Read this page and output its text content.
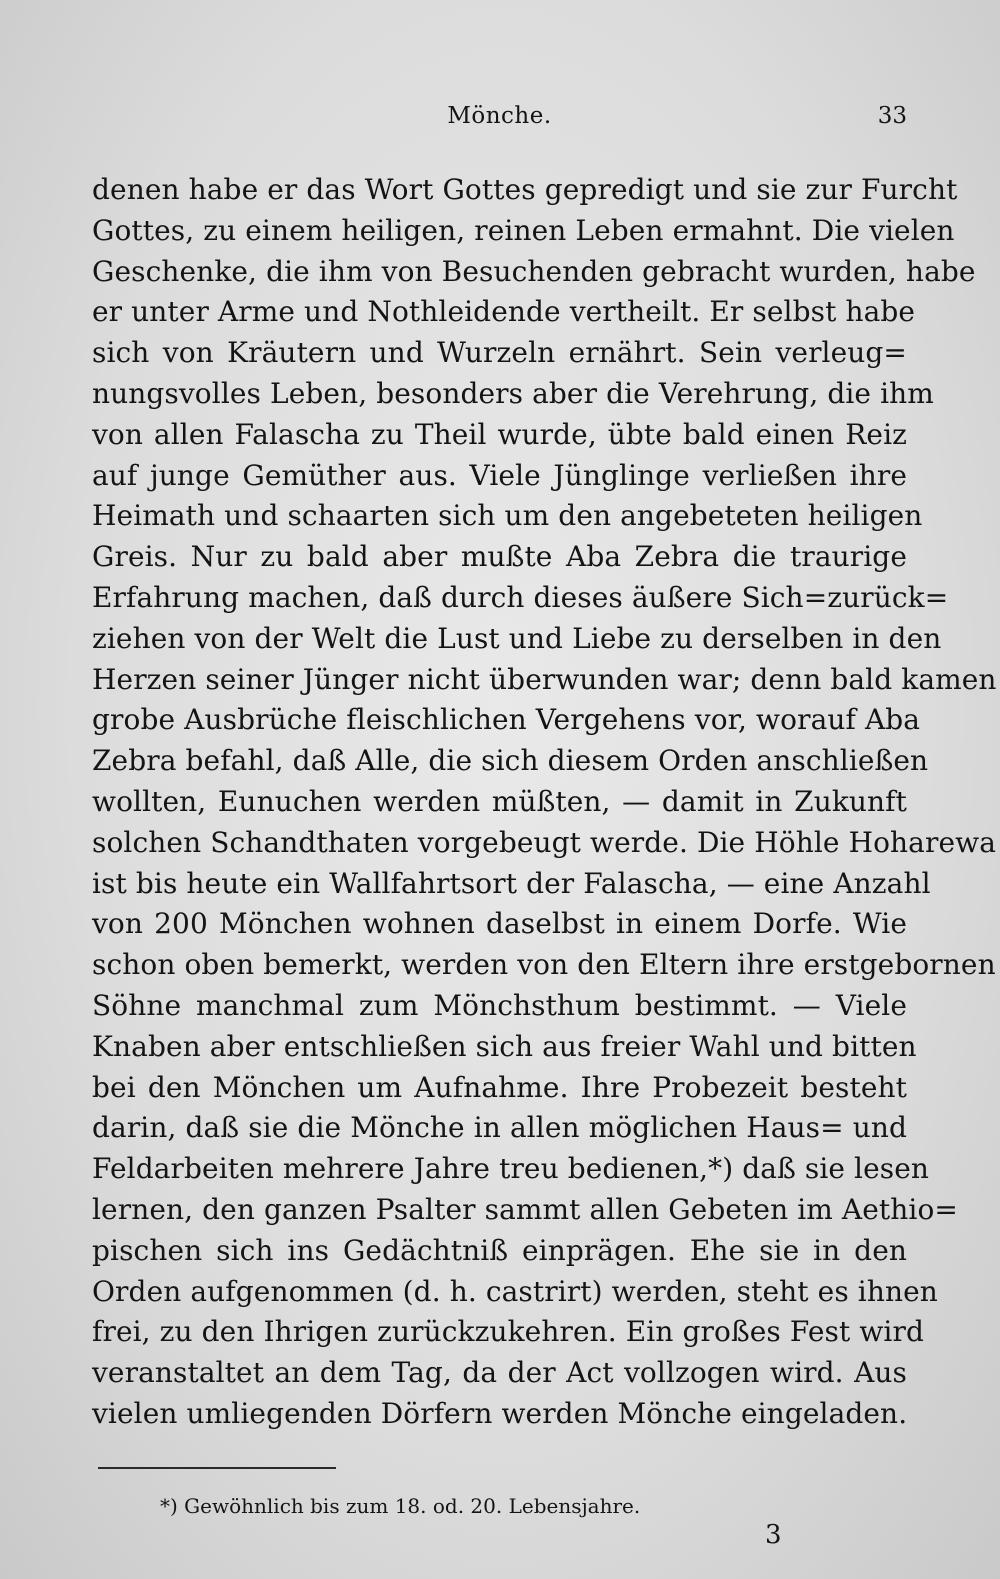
Mönche.	33
denen habe er das Wort Gottes gepredigt und sie zur Furcht
Gottes, zu einem heiligen, reinen Leben ermahnt. Die vielen
Geschenke, die ihm von Besuchenden gebracht wurden, habe
er unter Arme und Nothleidende vertheilt. Er selbst habe
sich von Kräutern und Wurzeln ernährt. Sein verleug=
nungsvolles Leben, besonders aber die Verehrung, die ihm
von allen Falascha zu Theil wurde, übte bald einen Reiz
auf junge Gemüther aus. Viele Jünglinge verließen ihre
Heimath und schaarten sich um den angebeteten heiligen
Greis. Nur zu bald aber mußte Aba Zebra die traurige
Erfahrung machen, daß durch dieses äußere Sich=zurück=
ziehen von der Welt die Lust und Liebe zu derselben in den
Herzen seiner Jünger nicht überwunden war; denn bald kamen
grobe Ausbrüche fleischlichen Vergehens vor, worauf Aba
Zebra befahl, daß Alle, die sich diesem Orden anschließen
wollten, Eunuchen werden müßten, — damit in Zukunft
solchen Schandthaten vorgebeugt werde. Die Höhle Hoharewa
ist bis heute ein Wallfahrtsort der Falascha, — eine Anzahl
von 200 Mönchen wohnen daselbst in einem Dorfe. Wie
schon oben bemerkt, werden von den Eltern ihre erstgebornen
Söhne manchmal zum Mönchsthum bestimmt. — Viele
Knaben aber entschließen sich aus freier Wahl und bitten
bei den Mönchen um Aufnahme. Ihre Probezeit besteht
darin, daß sie die Mönche in allen möglichen Haus= und
Feldarbeiten mehrere Jahre treu bedienen,*) daß sie lesen
lernen, den ganzen Psalter sammt allen Gebeten im Aethio=
pischen sich ins Gedächtniß einprägen. Ehe sie in den
Orden aufgenommen (d. h. castrirt) werden, steht es ihnen
frei, zu den Ihrigen zurückzukehren. Ein großes Fest wird
veranstaltet an dem Tag, da der Act vollzogen wird. Aus
vielen umliegenden Dörfern werden Mönche eingeladen.
*) Gewöhnlich bis zum 18. od. 20. Lebensjahre.
3
